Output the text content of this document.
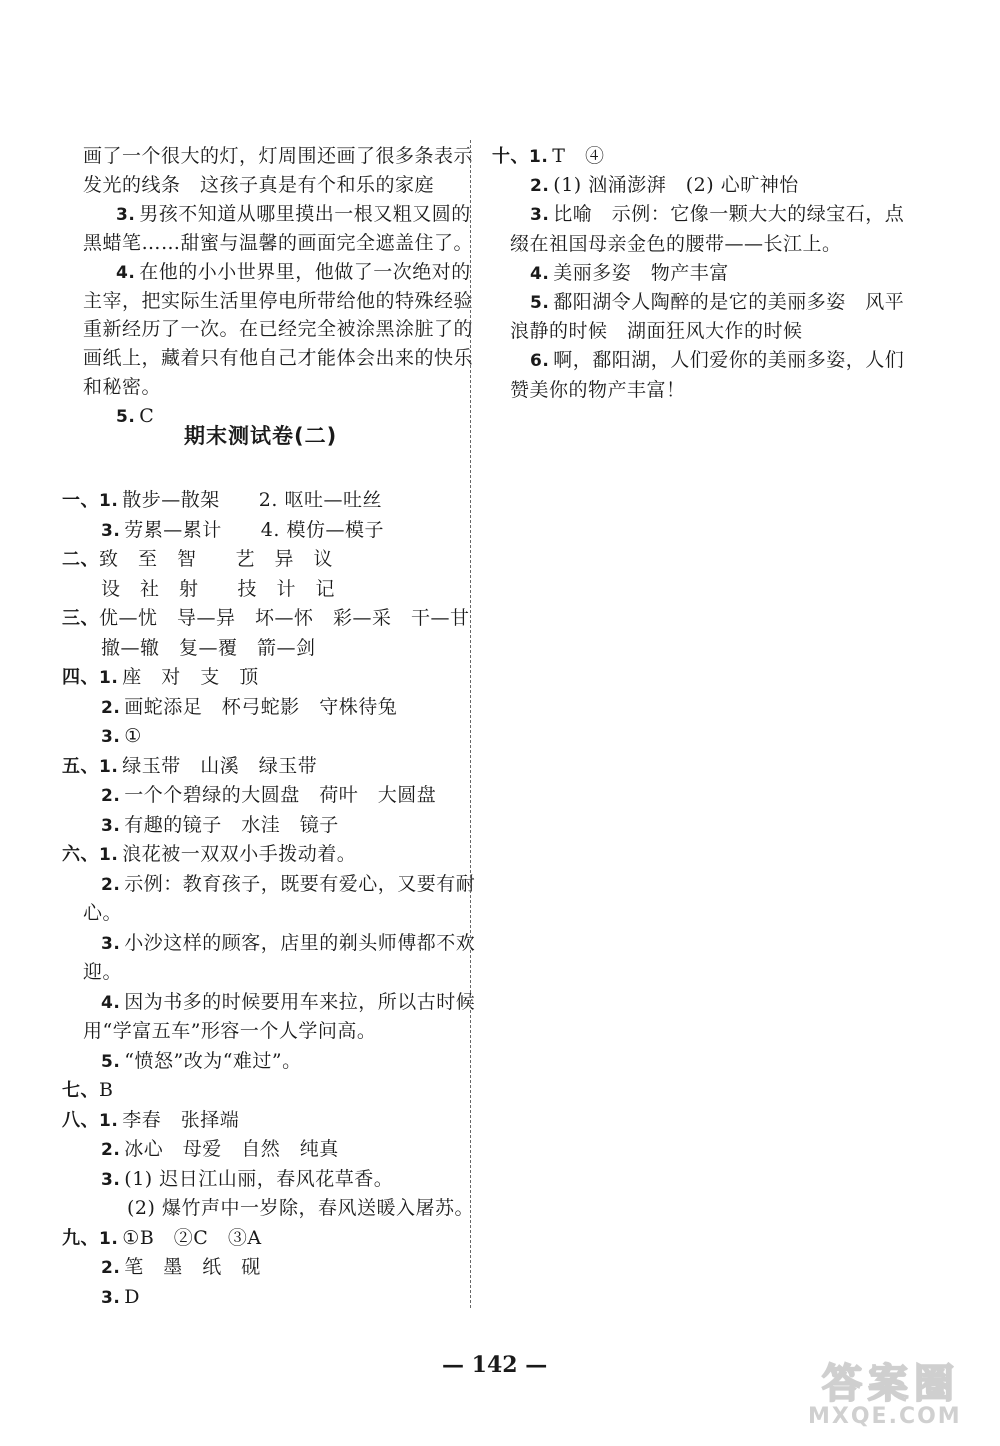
画了一个很大的灯，灯周围还画了很多条表示
发光的线条　这孩子真是有个和乐的家庭
3. 男孩不知道从哪里摸出一根又粗又圆的
黑蜡笔……甜蜜与温馨的画面完全遮盖住了。
4. 在他的小小世界里，他做了一次绝对的
主宰，把实际生活里停电所带给他的特殊经验
重新经历了一次。在已经完全被涂黑涂脏了的
画纸上，藏着只有他自己才能体会出来的快乐
和秘密。
5. C
期末测试卷(二)
一、1. 散步—散架　　2. 呕吐—吐丝
3. 劳累—累计　　4. 模仿—模子
二、致　至　智　　艺　异　议
设　社　射　　技　计　记
三、优—忧　导—异　坏—怀　彩—采　干—甘
撤—辙　复—覆　箭—剑
四、1. 座　对　支　顶
2. 画蛇添足　杯弓蛇影　守株待兔
3. ①
五、1. 绿玉带　山溪　绿玉带
2. 一个个碧绿的大圆盘　荷叶　大圆盘
3. 有趣的镜子　水洼　镜子
六、1. 浪花被一双双小手拨动着。
2. 示例：教育孩子，既要有爱心，又要有耐
心。
3. 小沙这样的顾客，店里的剃头师傅都不欢
迎。
4. 因为书多的时候要用车来拉，所以古时候
用“学富五车”形容一个人学问高。
5. “愤怒”改为“难过”。
七、B
八、1. 李春　张择端
2. 冰心　母爱　自然　纯真
3. (1) 迟日江山丽，春风花草香。
(2) 爆竹声中一岁除，春风送暖入屠苏。
九、1. ①B　②C　③A
2. 笔　墨　纸　砚
3. D
十、1. T　④
2. (1) 汹涌澎湃　(2) 心旷神怡
3. 比喻　示例：它像一颗大大的绿宝石，点
缀在祖国母亲金色的腰带——长江上。
4. 美丽多姿　物产丰富
5. 鄱阳湖令人陶醉的是它的美丽多姿　风平
浪静的时候　湖面狂风大作的时候
6. 啊，鄱阳湖，人们爱你的美丽多姿，人们
赞美你的物产丰富！
— 142 —	答案圈
MXQE.COM
